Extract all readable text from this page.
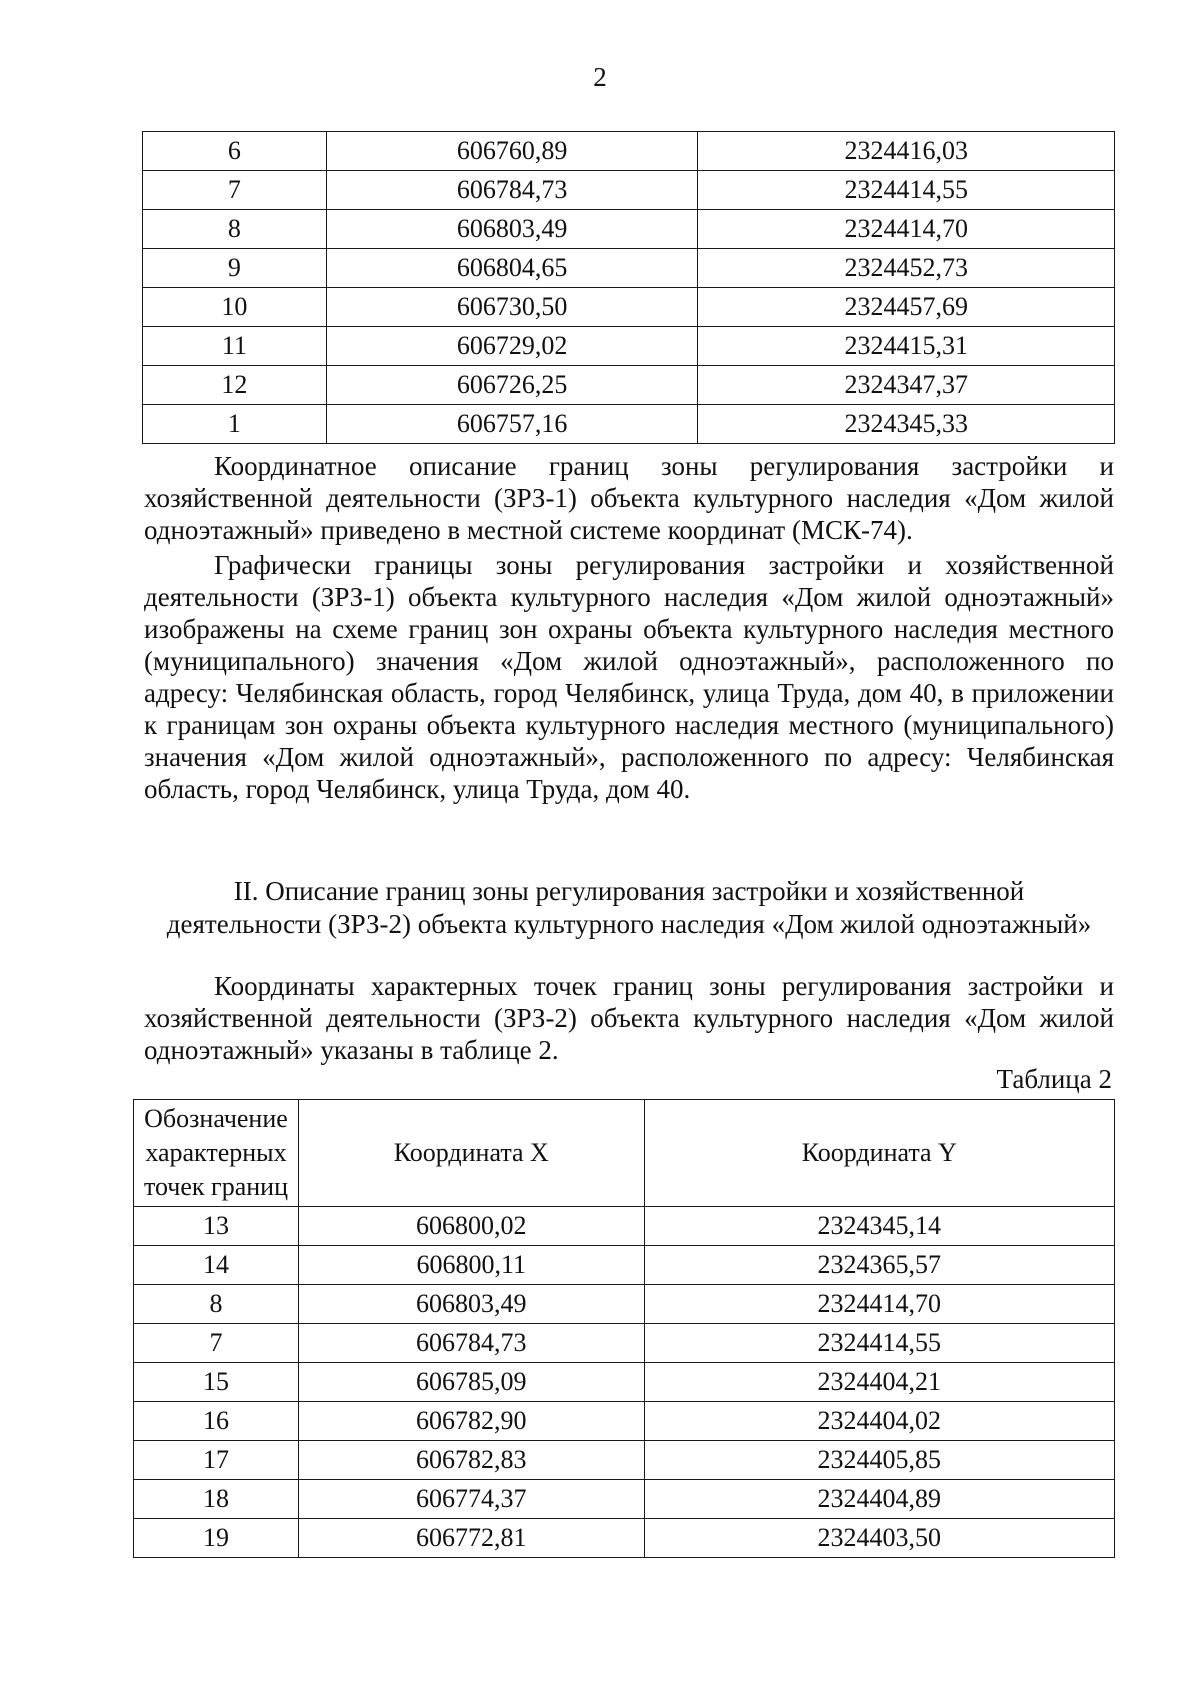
2

6	606760,89	2324416,03
7	606784,73	2324414,55
8	606803,49	2324414,70
9	606804,65	2324452,73
10	606730,50	2324457,69
11	606729,02	2324415,31
12	606726,25	2324347,37
1	606757,16	2324345,33

Координатное описание границ зоны регулирования застройки и хозяйственной деятельности (ЗРЗ-1) объекта культурного наследия «Дом жилой одноэтажный» приведено в местной системе координат (МСК-74).

Графически границы зоны регулирования застройки и хозяйственной деятельности (ЗРЗ-1) объекта культурного наследия «Дом жилой одноэтажный» изображены на схеме границ зон охраны объекта культурного наследия местного (муниципального) значения «Дом жилой одноэтажный», расположенного по адресу: Челябинская область, город Челябинск, улица Труда, дом 40, в приложении к границам зон охраны объекта культурного наследия местного (муниципального) значения «Дом жилой одноэтажный», расположенного по адресу: Челябинская область, город Челябинск, улица Труда, дом 40.

II. Описание границ зоны регулирования застройки и хозяйственной
деятельности (ЗРЗ-2) объекта культурного наследия «Дом жилой одноэтажный»

Координаты характерных точек границ зоны регулирования застройки и хозяйственной деятельности (ЗРЗ-2) объекта культурного наследия «Дом жилой одноэтажный» указаны в таблице 2.

Таблица 2

Обозначение
характерных
точек границ	Координата X	Координата Y
13	606800,02	2324345,14
14	606800,11	2324365,57
8	606803,49	2324414,70
7	606784,73	2324414,55
15	606785,09	2324404,21
16	606782,90	2324404,02
17	606782,83	2324405,85
18	606774,37	2324404,89
19	606772,81	2324403,50
